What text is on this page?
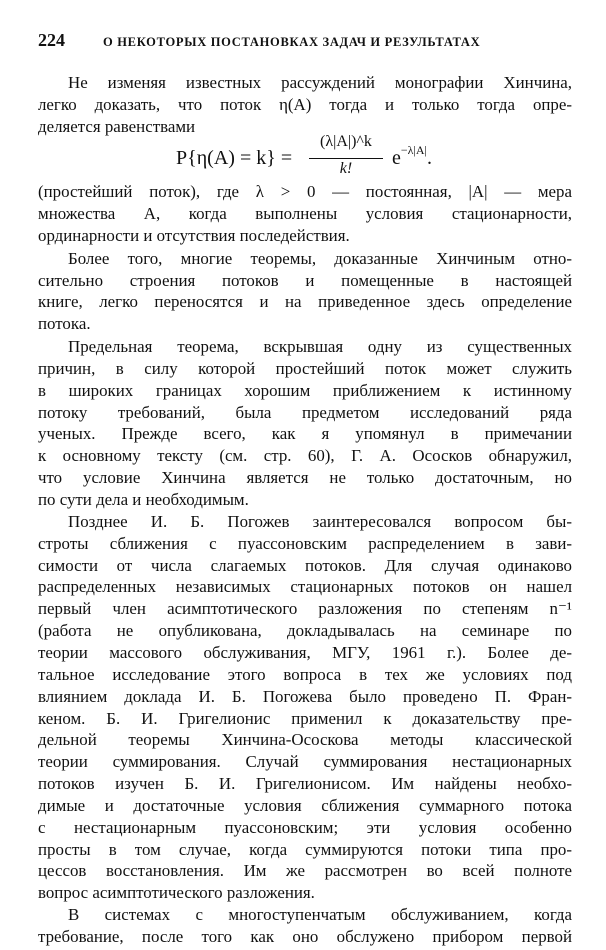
224	О НЕКОТОРЫХ ПОСТАНОВКАХ ЗАДАЧ И РЕЗУЛЬТАТАХ
Не изменяя известных рассуждений монографии Хинчина,
легко доказать, что поток η(A) тогда и только тогда опре-
деляется равенствами
P{η(A) = k} =
(λ|A|)^k
k!	$e^{-\lambda|A|}$.
(простейший поток), где λ > 0 — постоянная, |A| — мера
множества A, когда выполнены условия стационарности,
ординарности и отсутствия последействия.
Более того, многие теоремы, доказанные Хинчиным отно-
сительно строения потоков и помещенные в настоящей
книге, легко переносятся и на приведенное здесь определение
потока.
Предельная теорема, вскрывшая одну из существенных
причин, в силу которой простейший поток может служить
в широких границах хорошим приближением к истинному
потоку требований, была предметом исследований ряда
ученых. Прежде всего, как я упомянул в примечании
к основному тексту (см. стр. 60), Г. А. Ососков обнаружил,
что условие Хинчина является не только достаточным, но
по сути дела и необходимым.
Позднее И. Б. Погожев заинтересовался вопросом бы-
строты сближения с пуассоновским распределением в зави-
симости от числа слагаемых потоков. Для случая одинаково
распределенных независимых стационарных потоков он нашел
первый член асимптотического разложения по степеням n⁻¹
(работа не опубликована, докладывалась на семинаре по
теории массового обслуживания, МГУ, 1961 г.). Более де-
тальное исследование этого вопроса в тех же условиях под
влиянием доклада И. Б. Погожева было проведено П. Фран-
кеном. Б. И. Григелионис применил к доказательству пре-
дельной теоремы Хинчина-Ососкова методы классической
теории суммирования. Случай суммирования нестационарных
потоков изучен Б. И. Григелионисом. Им найдены необхо-
димые и достаточные условия сближения суммарного потока
с нестационарным пуассоновским; эти условия особенно
просты в том случае, когда суммируются потоки типа про-
цессов восстановления. Им же рассмотрен во всей полноте
вопрос асимптотического разложения.
В системах с многоступенчатым обслуживанием, когда
требование, после того как оно обслужено прибором первой
